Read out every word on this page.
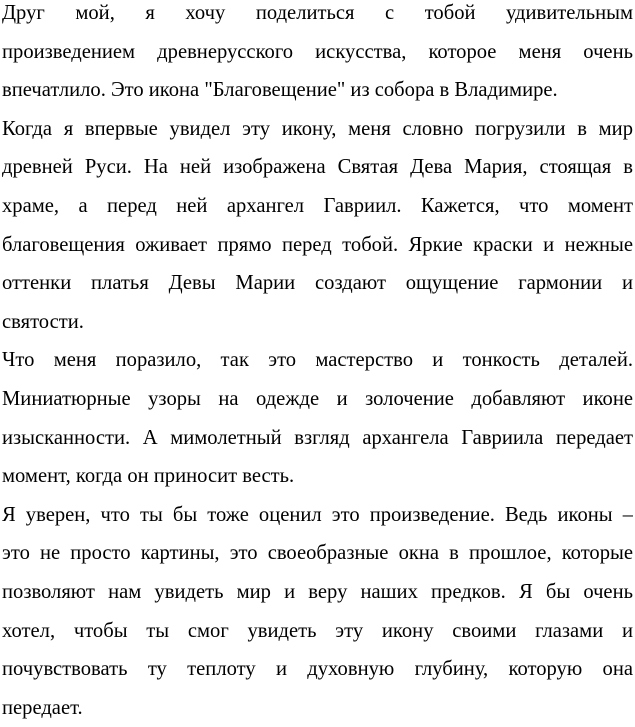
Друг мой, я хочу поделиться с тобой удивительным
произведением древнерусского искусства, которое меня очень
впечатлило. Это икона "Благовещение" из собора в Владимире.
Когда я впервые увидел эту икону, меня словно погрузили в мир
древней Руси. На ней изображена Святая Дева Мария, стоящая в
храме, а перед ней архангел Гавриил. Кажется, что момент
благовещения оживает прямо перед тобой. Яркие краски и нежные
оттенки платья Девы Марии создают ощущение гармонии и
святости.
Что меня поразило, так это мастерство и тонкость деталей.
Миниатюрные узоры на одежде и золочение добавляют иконе
изысканности. А мимолетный взгляд архангела Гавриила передает
момент, когда он приносит весть.
Я уверен, что ты бы тоже оценил это произведение. Ведь иконы –
это не просто картины, это своеобразные окна в прошлое, которые
позволяют нам увидеть мир и веру наших предков. Я бы очень
хотел, чтобы ты смог увидеть эту икону своими глазами и
почувствовать ту теплоту и духовную глубину, которую она
передает.
